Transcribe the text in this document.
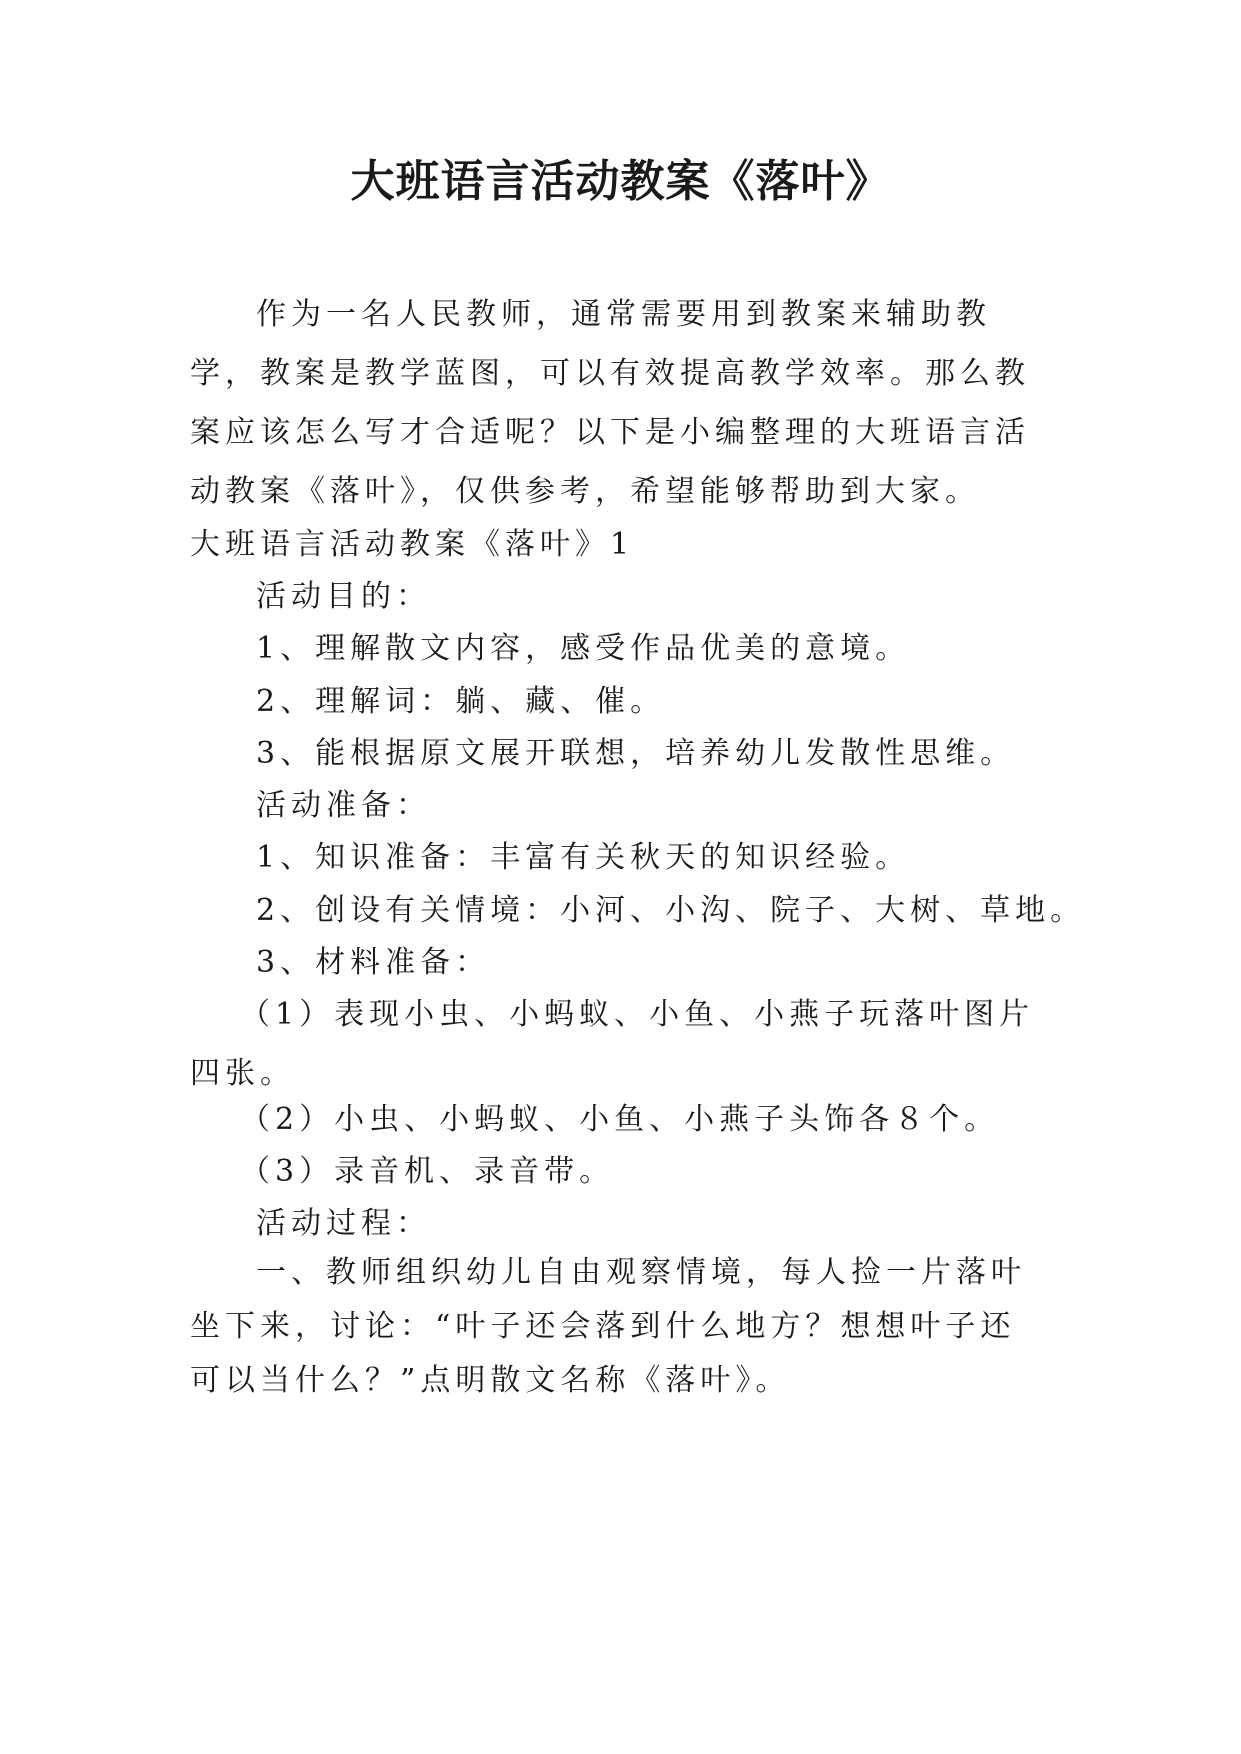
大班语言活动教案《落叶》

作为一名人民教师，通常需要用到教案来辅助教学，教案是教学蓝图，可以有效提高教学效率。那么教案应该怎么写才合适呢？以下是小编整理的大班语言活动教案《落叶》，仅供参考，希望能够帮助到大家。

大班语言活动教案《落叶》1
活动目的：
1、理解散文内容，感受作品优美的意境。
2、理解词：躺、藏、催。
3、能根据原文展开联想，培养幼儿发散性思维。
活动准备：
1、知识准备：丰富有关秋天的知识经验。
2、创设有关情境：小河、小沟、院子、大树、草地。
3、材料准备：

（1）表现小虫、小蚂蚁、小鱼、小燕子玩落叶图片四张。

（2）小虫、小蚂蚁、小鱼、小燕子头饰各８个。
（3）录音机、录音带。
活动过程：

一、教师组织幼儿自由观察情境，每人捡一片落叶坐下来，讨论：“叶子还会落到什么地方？想想叶子还可以当什么？”点明散文名称《落叶》。
